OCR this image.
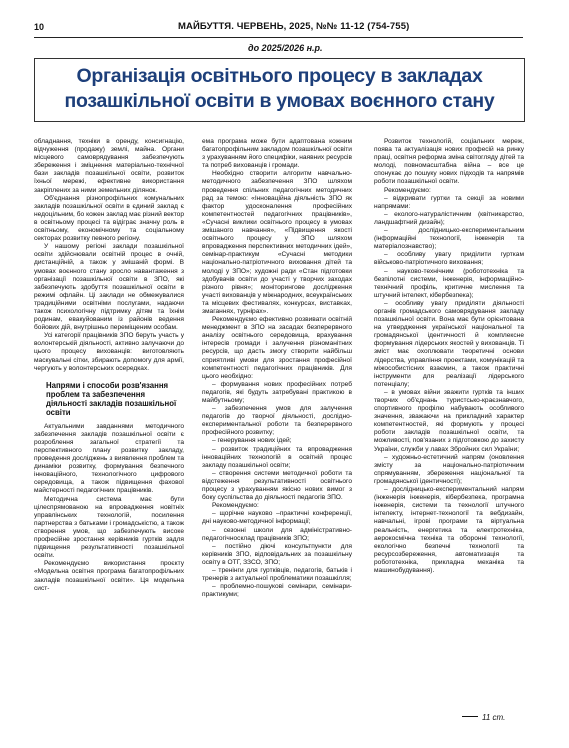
10	МАЙБУТТЯ. ЧЕРВЕНЬ, 2025, №№ 11-12 (754-755)
до 2025/2026 н.р.
Організація освітнього процесу в закладах
позашкільної освіти в умовах воєнного стану

обладнання, техніки в оренду, консигнацію, відчуження (продажу) землі, майна. Органи місцевого самоврядування забезпечують збереження і зміцнення матеріально-технічної бази закладів позашкільної освіти, розвиток їхньої мережі, ефективне використання закріплених за ними земельних ділянок.

Об'єднання різнопрофільних комунальних закладів позашкільної освіти в єдиний заклад є недоцільним, бо кожен заклад має різний вектор в освітньому процесі та відіграє значну роль в освітньому, економічному та соціальному секторах розвитку певного регіону.

У нашому регіоні заклади позашкільної освіти здійснювали освітній процес в очній, дистанційній, а також у змішаній формі. В умовах воєнного стану зросло навантаження з організації позашкільної освіти в ЗПО, які забезпечують здобуття позашкільної освіти в режимі офлайн. Ці заклади не обмежувалися традиційними освітніми послугами, надаючи також психологічну підтримку дітям та їхнім родинам, евакуйованим із районів ведення бойових дій, внутрішньо переміщеним особам.

Усі категорії працівників ЗПО беруть участь у волонтерській діяльності, активно залучаючи до цього процесу вихованців: виготовляють маскувальні сітки, збирають допомогу для армії, чергують у волонтерських осередках.

Напрями і способи розв'язання проблем та забезпечення діяльності закладів позашкільної освіти

Актуальними завданнями методичного забезпечення закладів позашкільної освіти є розроблення загальної стратегії та перспективного плану розвитку закладу, проведення досліджень з виявлення проблем та динаміки розвитку, формування безпечного інноваційного, технологічного цифрового середовища, а також підвищення фахової майстерності педагогічних працівників.

Методична система має бути цілеспрямованою на впровадження новітніх управлінських технологій, посилення партнерства з батьками і громадськістю, а також створення умов, що забезпечують високе професійне зростання керівників гуртків задля підвищення результативності позашкільної освіти.

Рекомендуємо використання проєкту «Модельна освітня програма багатопрофільних закладів позашкільної освіти». Ця модельна сист-

ема програма може бути адаптована кожним багатопрофільним закладом позашкільної освіти з урахуванням його специфіки, наявних ресурсів та потреб вихованців і громади.

Необхідно створити алгоритм навчально-методичного забезпечення ЗПО шляхом проведення спільних педагогічних методичних рад за темою: «Інноваційна діяльність ЗПО як фактор удосконалення професійних компетентностей педагогічних працівників», «Сучасні виклики освітнього процесу в умовах змішаного навчання», «Підвищення якості освітнього процесу у ЗПО шляхом впровадження перспективних методичних ідей», семінар-практикум «Сучасні методики національно-патріотичного виховання дітей та молоді у ЗПО»; художні ради «Стан підготовки здобувачів освіти до участі у творчих заходах різного рівня»; моніторингове дослідження участі вихованців у міжнародних, всеукраїнських та місцевих фестивалях, конкурсах, виставках, змаганнях, турнірах».

Рекомендуємо ефективно розвивати освітній менеджмент в ЗПО на засадах безперервного аналізу освітнього середовища, врахування інтересів громади і залучення різноманітних ресурсів, що дасть змогу створити найбільш сприятливі умови для зростання професійної компетентності педагогічних працівників. Для цього необхідно:

– формування нових професійних потреб педагогів, які будуть затребувані практикою в майбутньому;

– забезпечення умов для залучення педагогів до творчої діяльності, дослідно-експериментальної роботи та безперервного професійного розвитку;

– генерування нових ідей;

– розвиток традиційних та впровадження інноваційних технологій в освітній процес закладу позашкільної освіти;

– створення системи методичної роботи та відстеження результативності освітнього процесу з урахуванням якісно нових вимог з боку суспільства до діяльності педагогів ЗПО.

Рекомендуємо:

– щорічне науково –практичні конференції, дні науково-методичної інформації;

– сезонні школи для адміністративно-педагогічносклад працівників ЗПО;

– постійно діючі консультпункти для керівників ЗПО, відповідальних за позашкільну освіту в ОТГ, ЗЗСО, ЗПО;

– тренінги для гуртківців, педагогів, батьків і тренерів з актуальної проблематики позашкілля;

– проблемно-пошукові семінари, семінари-практикуми;

Розвиток технологій, соціальних мереж, поява та актуалізація нових професій на ринку праці, освітня реформа зміна світогляду дітей та молоді, повномасштабна війна – все це спонукає до пошуку нових підходів та напрямів роботи позашкільної освіти.

Рекомендуємо:

– відкривати гуртки та секції за новими напрямами:

– еколого-натуралістичним (квітникарство, ландшафтний дизайн);

– дослідницько-експериментальним (інформаційні технології, інженерія та матеріалознавство);

– особливу увагу приділити гурткам військово-патріотичного виховання;

– науково-технічним (робототехніка та безпілотні системи, інженерія, інформаційно-технічний профіль, критичне мислення та штучний інтелект, кібербезпека);

– особливу увагу приділяти діяльності органів громадського самоврядування закладу позашкільної освіти. Вона має бути орієнтована на утвердження української національної та громадянської ідентичності й комплексне формування лідерських якостей у вихованців. Ті зміст має охоплювати теоретичні основи лідерства, управління проектами, комунікацій та міжособистісних взаємин, а також практичні інструменти для реалізації лідерського потенціалу;

– в умовах війни зважити гуртків та інших творчих об'єднань туристсько-краєзнавчого, спортивного профілю набувають особливого значення, зважаючи на прикладний характер компетентностей, які формують у процесі роботи закладів позашкільної освіти, та можливості, пов'язаних з підготовкою до захисту України, служби у лавах Збройних сил України;

– художньо-естетичний напрям (оновлення змісту за національно-патріотичним спрямуванням, збереження національної та громадянської ідентичності);

– дослідницько-експериментальний напрям (інженерія інженерія, кібербезпека, програмна інженерія, системи та технології штучного інтелекту, інтернет-технології та вебдизайн, навчальні, ігрові програми та віртуальна реальність, енергетика та електротехніка, аерокосмічна техніка та оборонні технології, екологічно безпечні технології та ресурсозбереження, автоматизація та робототехніка, прикладна механіка та машинобудування).

11 ст.
